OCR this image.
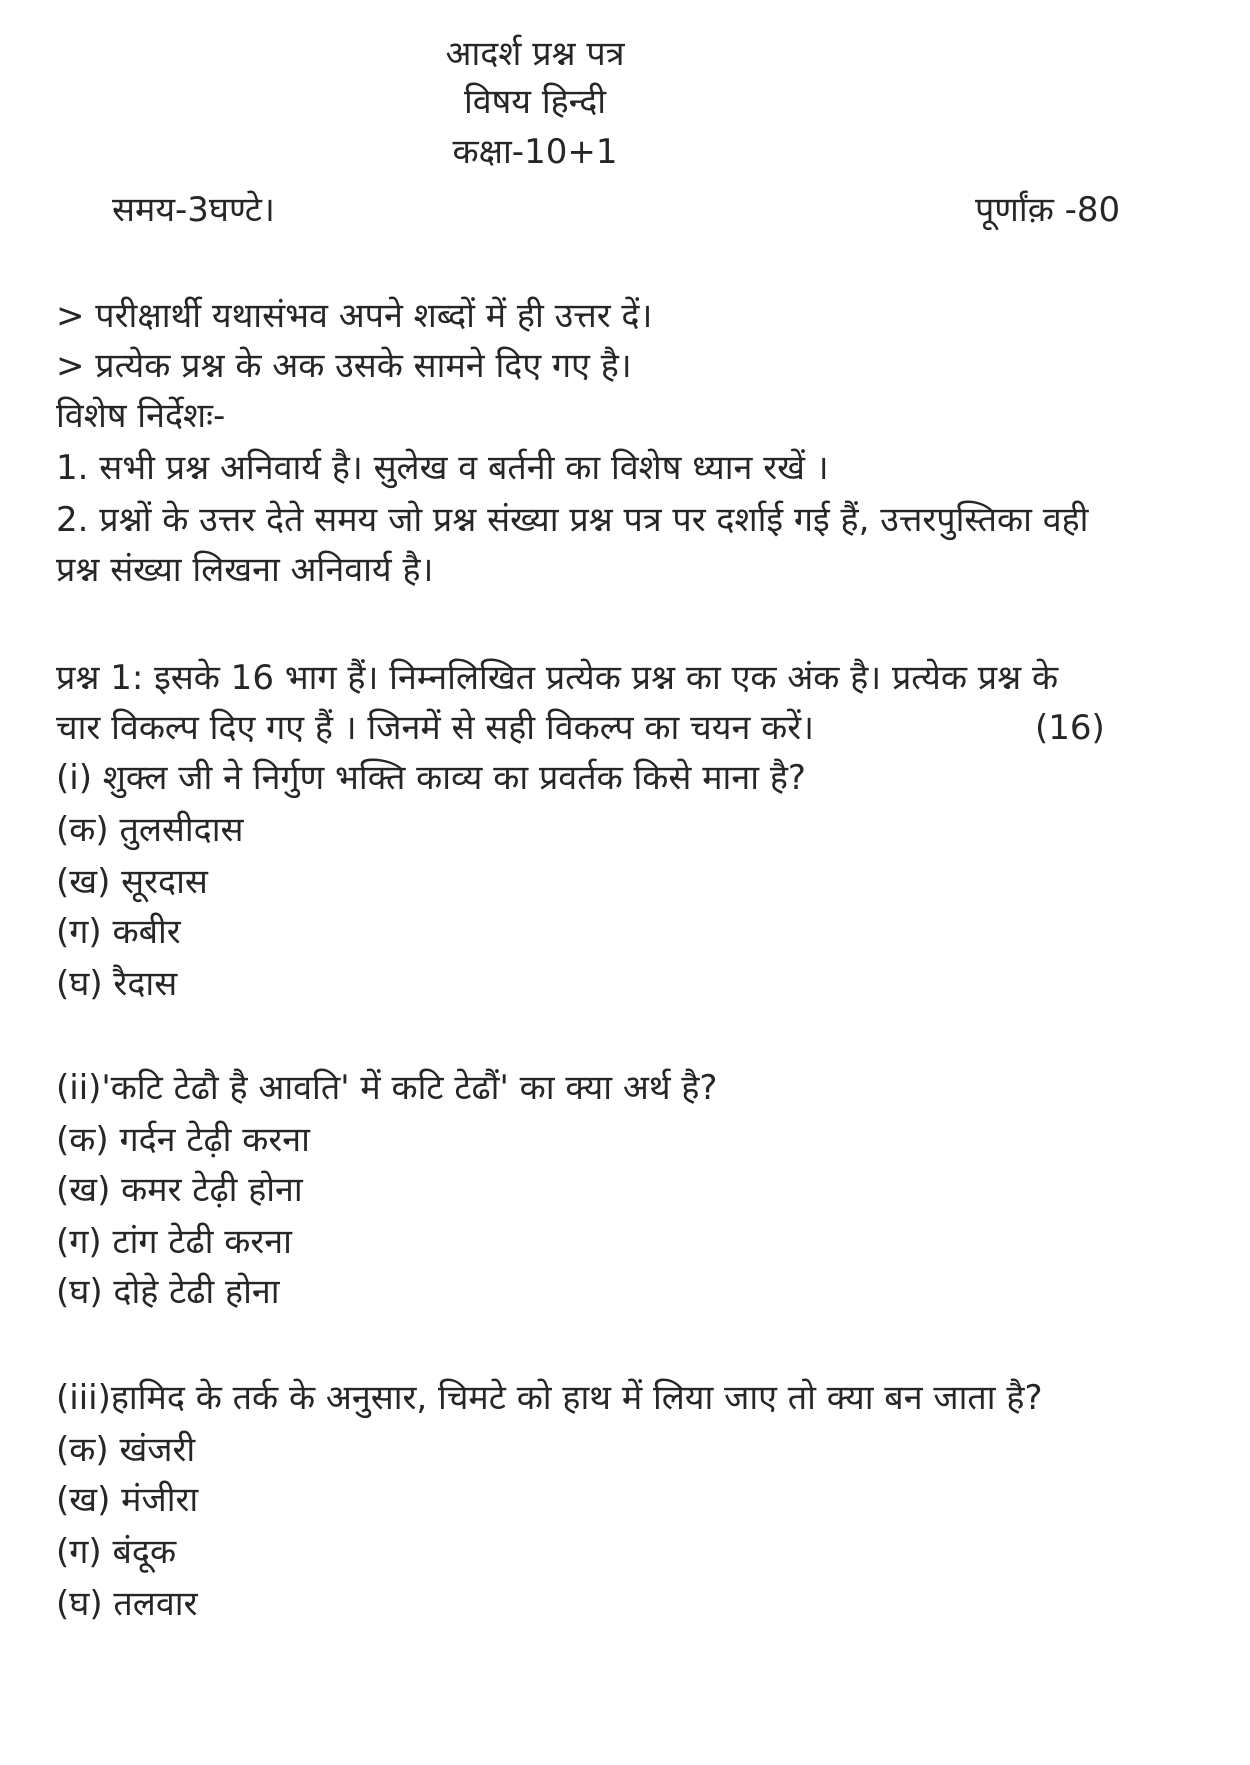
आदर्श प्रश्न पत्र
विषय हिन्दी
कक्षा-10+1
समय-3घण्टे।	पूर्णांक़ -80
> परीक्षार्थी यथासंभव अपने शब्दों में ही उत्तर दें।
> प्रत्येक प्रश्न के अक उसके सामने दिए गए है।
विशेष निर्देशः-
1. सभी प्रश्न अनिवार्य है। सुलेख व बर्तनी का विशेष ध्यान रखें ।
2. प्रश्नों के उत्तर देते समय जो प्रश्न संख्या प्रश्न पत्र पर दर्शाई गई हैं, उत्तरपुस्तिका वही
प्रश्न संख्या लिखना अनिवार्य है।
प्रश्न 1: इसके 16 भाग हैं। निम्नलिखित प्रत्येक प्रश्न का एक अंक है। प्रत्येक प्रश्न के
चार विकल्प दिए गए हैं । जिनमें से सही विकल्प का चयन करें।	(16)
(i) शुक्ल जी ने निर्गुण भक्ति काव्य का प्रवर्तक किसे माना है?
(क) तुलसीदास
(ख) सूरदास
(ग) कबीर
(घ) रैदास
(ii)'कटि टेढौ है आवति' में कटि टेढौं' का क्या अर्थ है?
(क) गर्दन टेढ़ी करना
(ख) कमर टेढ़ी होना
(ग) टांग टेढी करना
(घ) दोहे टेढी होना
(iii)हामिद के तर्क के अनुसार, चिमटे को हाथ में लिया जाए तो क्या बन जाता है?
(क) खंजरी
(ख) मंजीरा
(ग) बंदूक
(घ) तलवार
